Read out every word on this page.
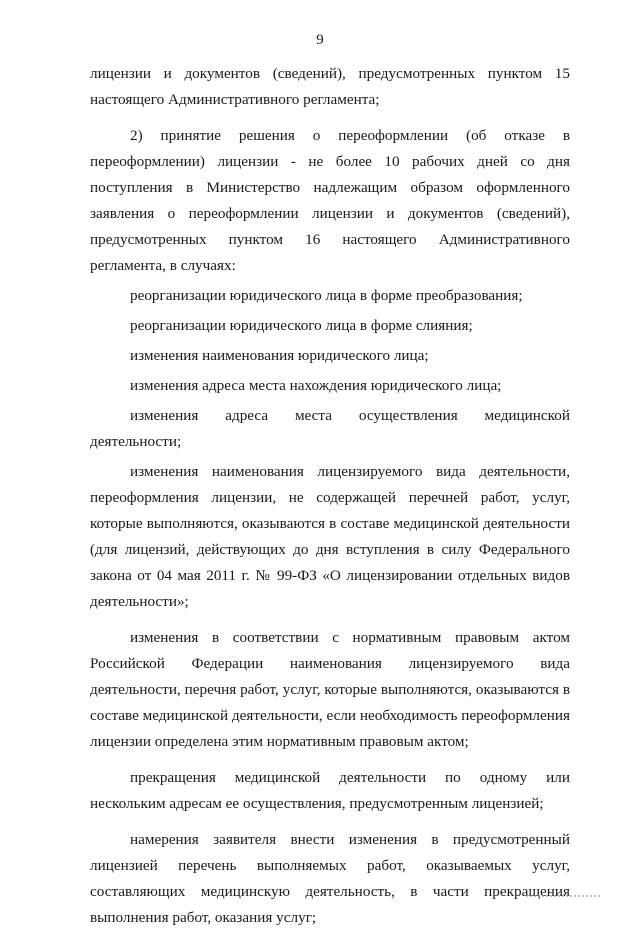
9

лицензии и документов (сведений), предусмотренных пунктом 15 настоящего Административного регламента;

2) принятие решения о переоформлении (об отказе в переоформлении) лицензии - не более 10 рабочих дней со дня поступления в Министерство надлежащим образом оформленного заявления о переоформлении лицензии и документов (сведений), предусмотренных пунктом 16 настоящего Административного регламента, в случаях:

реорганизации юридического лица в форме преобразования;

реорганизации юридического лица в форме слияния;

изменения наименования юридического лица;

изменения адреса места нахождения юридического лица;

изменения адреса места осуществления медицинской деятельности;

изменения наименования лицензируемого вида деятельности, переоформления лицензии, не содержащей перечней работ, услуг, которые выполняются, оказываются в составе медицинской деятельности (для лицензий, действующих до дня вступления в силу Федерального закона от 04 мая 2011 г. № 99-ФЗ «О лицензировании отдельных видов деятельности»;

изменения в соответствии с нормативным правовым актом Российской Федерации наименования лицензируемого вида деятельности, перечня работ, услуг, которые выполняются, оказываются в составе медицинской деятельности, если необходимость переоформления лицензии определена этим нормативным правовым актом;

прекращения медицинской деятельности по одному или нескольким адресам ее осуществления, предусмотренным лицензией;

намерения заявителя внести изменения в предусмотренный лицензией перечень выполняемых работ, оказываемых услуг, составляющих медицинскую деятельность, в части прекращения выполнения работ, оказания услуг;
